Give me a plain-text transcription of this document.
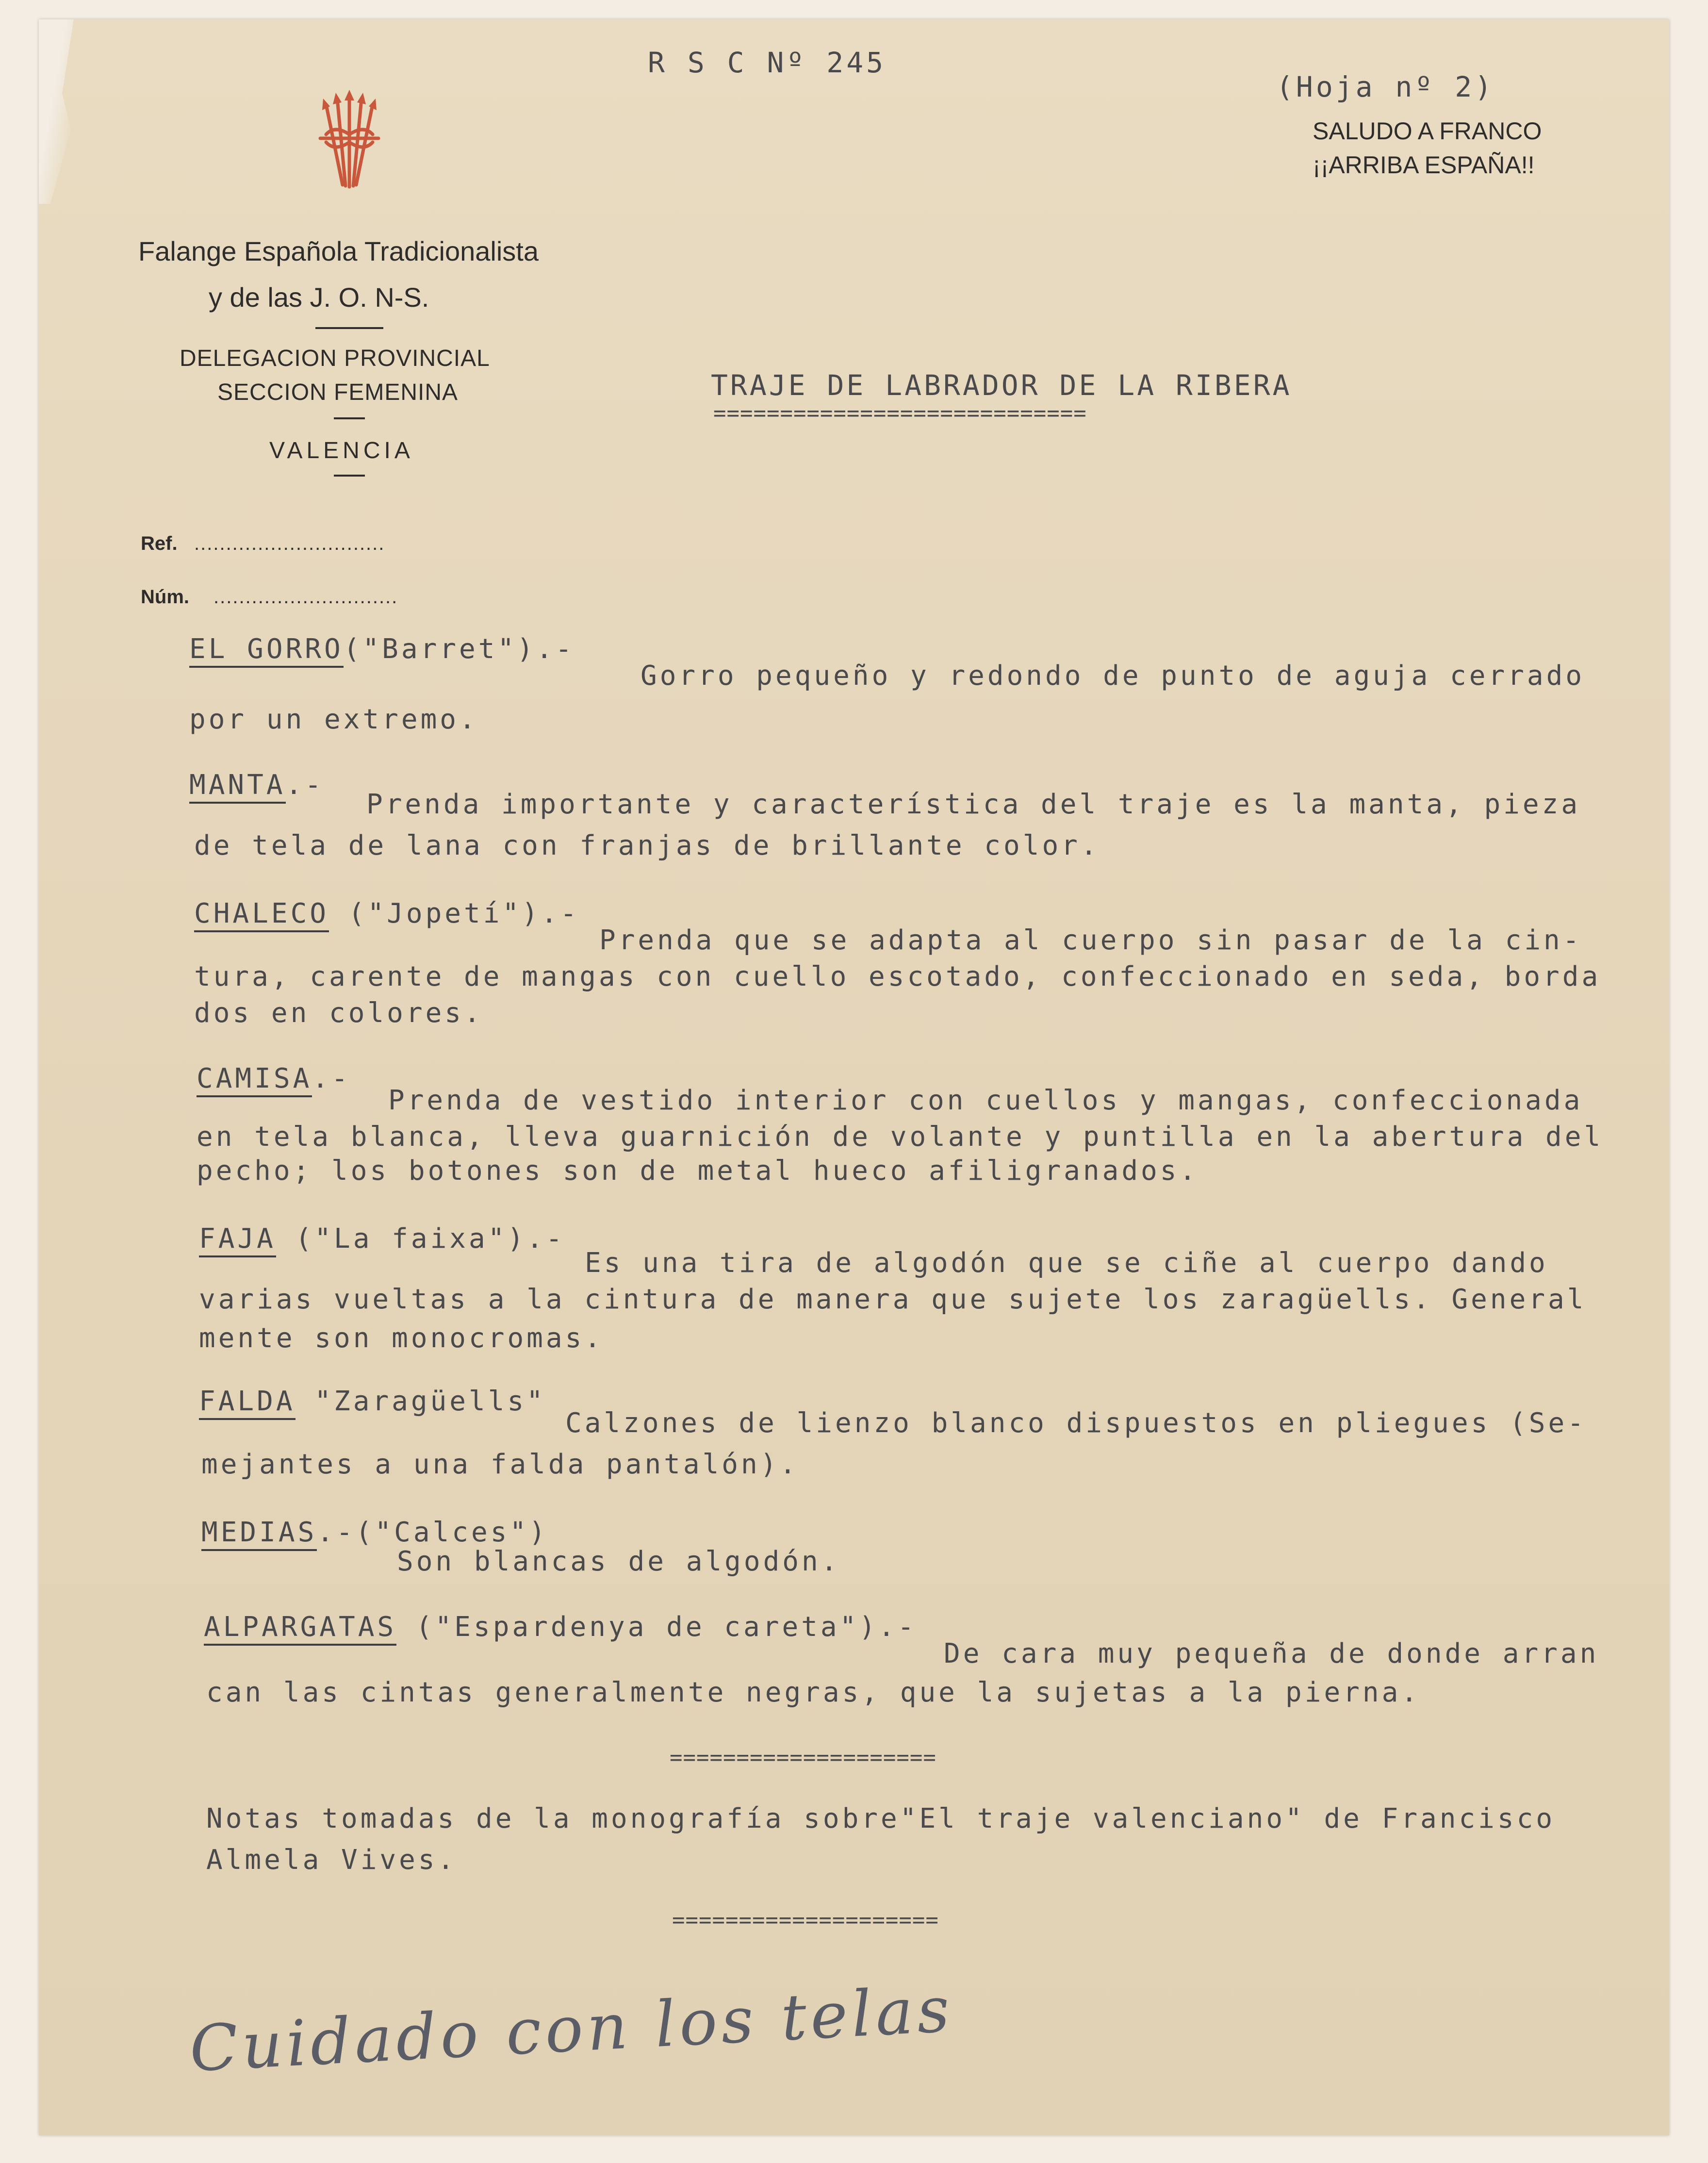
R S C Nº 245
(Hoja nº 2)
SALUDO A FRANCO
¡¡ARRIBA ESPAÑA!!
Falange Española Tradicionalista
y de las J. O. N-S.
DELEGACION PROVINCIAL
SECCION FEMENINA
VALENCIA
Ref. ..............................
Núm. .............................
TRAJE DE LABRADOR DE LA RIBERA
============================
EL GORRO("Barret").-
Gorro pequeño y redondo de punto de aguja cerrado
por un extremo.
MANTA.-
Prenda importante y característica del traje es la manta, pieza
de tela de lana con franjas de brillante color.
CHALECO ("Jopetí").-
Prenda que se adapta al cuerpo sin pasar de la cin-
tura, carente de mangas con cuello escotado, confeccionado en seda, borda
dos en colores.
CAMISA.-
Prenda de vestido interior con cuellos y mangas, confeccionada
en tela blanca, lleva guarnición de volante y puntilla en la abertura del
pecho; los botones son de metal hueco afiligranados.
FAJA ("La faixa").-
Es una tira de algodón que se ciñe al cuerpo dando
varias vueltas a la cintura de manera que sujete los zaragüells. General
mente son monocromas.
FALDA "Zaragüells"
Calzones de lienzo blanco dispuestos en pliegues (Se-
mejantes a una falda pantalón).
MEDIAS.-("Calces")
Son blancas de algodón.
ALPARGATAS ("Espardenya de careta").-
De cara muy pequeña de donde arran
can las cintas generalmente negras, que la sujetas a la pierna.
====================
Notas tomadas de la monografía sobre"El traje valenciano" de Francisco
Almela Vives.
====================
Cuidado con los telas
